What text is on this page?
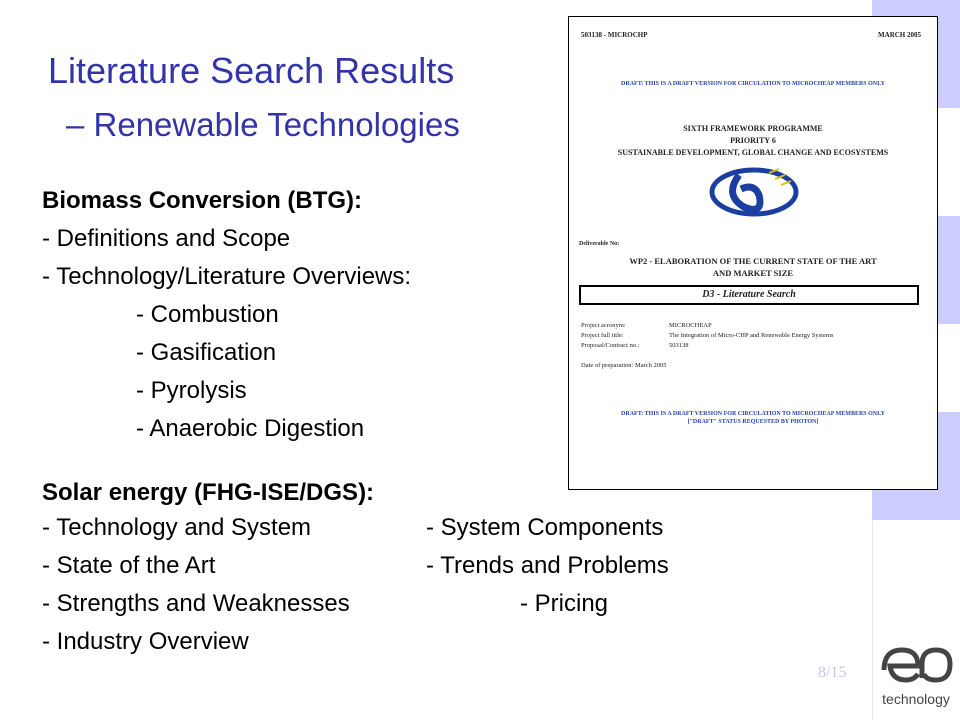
Literature Search Results
– Renewable Technologies
Biomass Conversion (BTG):
- Definitions and Scope
- Technology/Literature Overviews:
- Combustion
- Gasification
- Pyrolysis
- Anaerobic Digestion
Solar energy (FHG-ISE/DGS):
- Technology and System	- System Components
- State of the Art	- Trends and Problems
- Strengths and Weaknesses	- Pricing
- Industry Overview
503138 - MICROCHP	MARCH 2005
DRAFT: THIS IS A DRAFT VERSION FOR CIRCULATION TO MICROCHEAP MEMBERS ONLY
SIXTH FRAMEWORK PROGRAMME
PRIORITY 6
SUSTAINABLE DEVELOPMENT, GLOBAL CHANGE AND ECOSYSTEMS
Deliverable No:
WP2 - ELABORATION OF THE CURRENT STATE OF THE ART
AND MARKET SIZE
D3 - Literature Search
Project acronym:	MICROCHEAP
Project full title:	The Integration of Micro-CHP and Renewable Energy Systems
Proposal/Contract no.:	503138
Date of preparation: March 2005
DRAFT: THIS IS A DRAFT VERSION FOR CIRCULATION TO MICROCHEAP MEMBERS ONLY
["DRAFT" STATUS REQUESTED BY PHOTON]
8/15
technology
